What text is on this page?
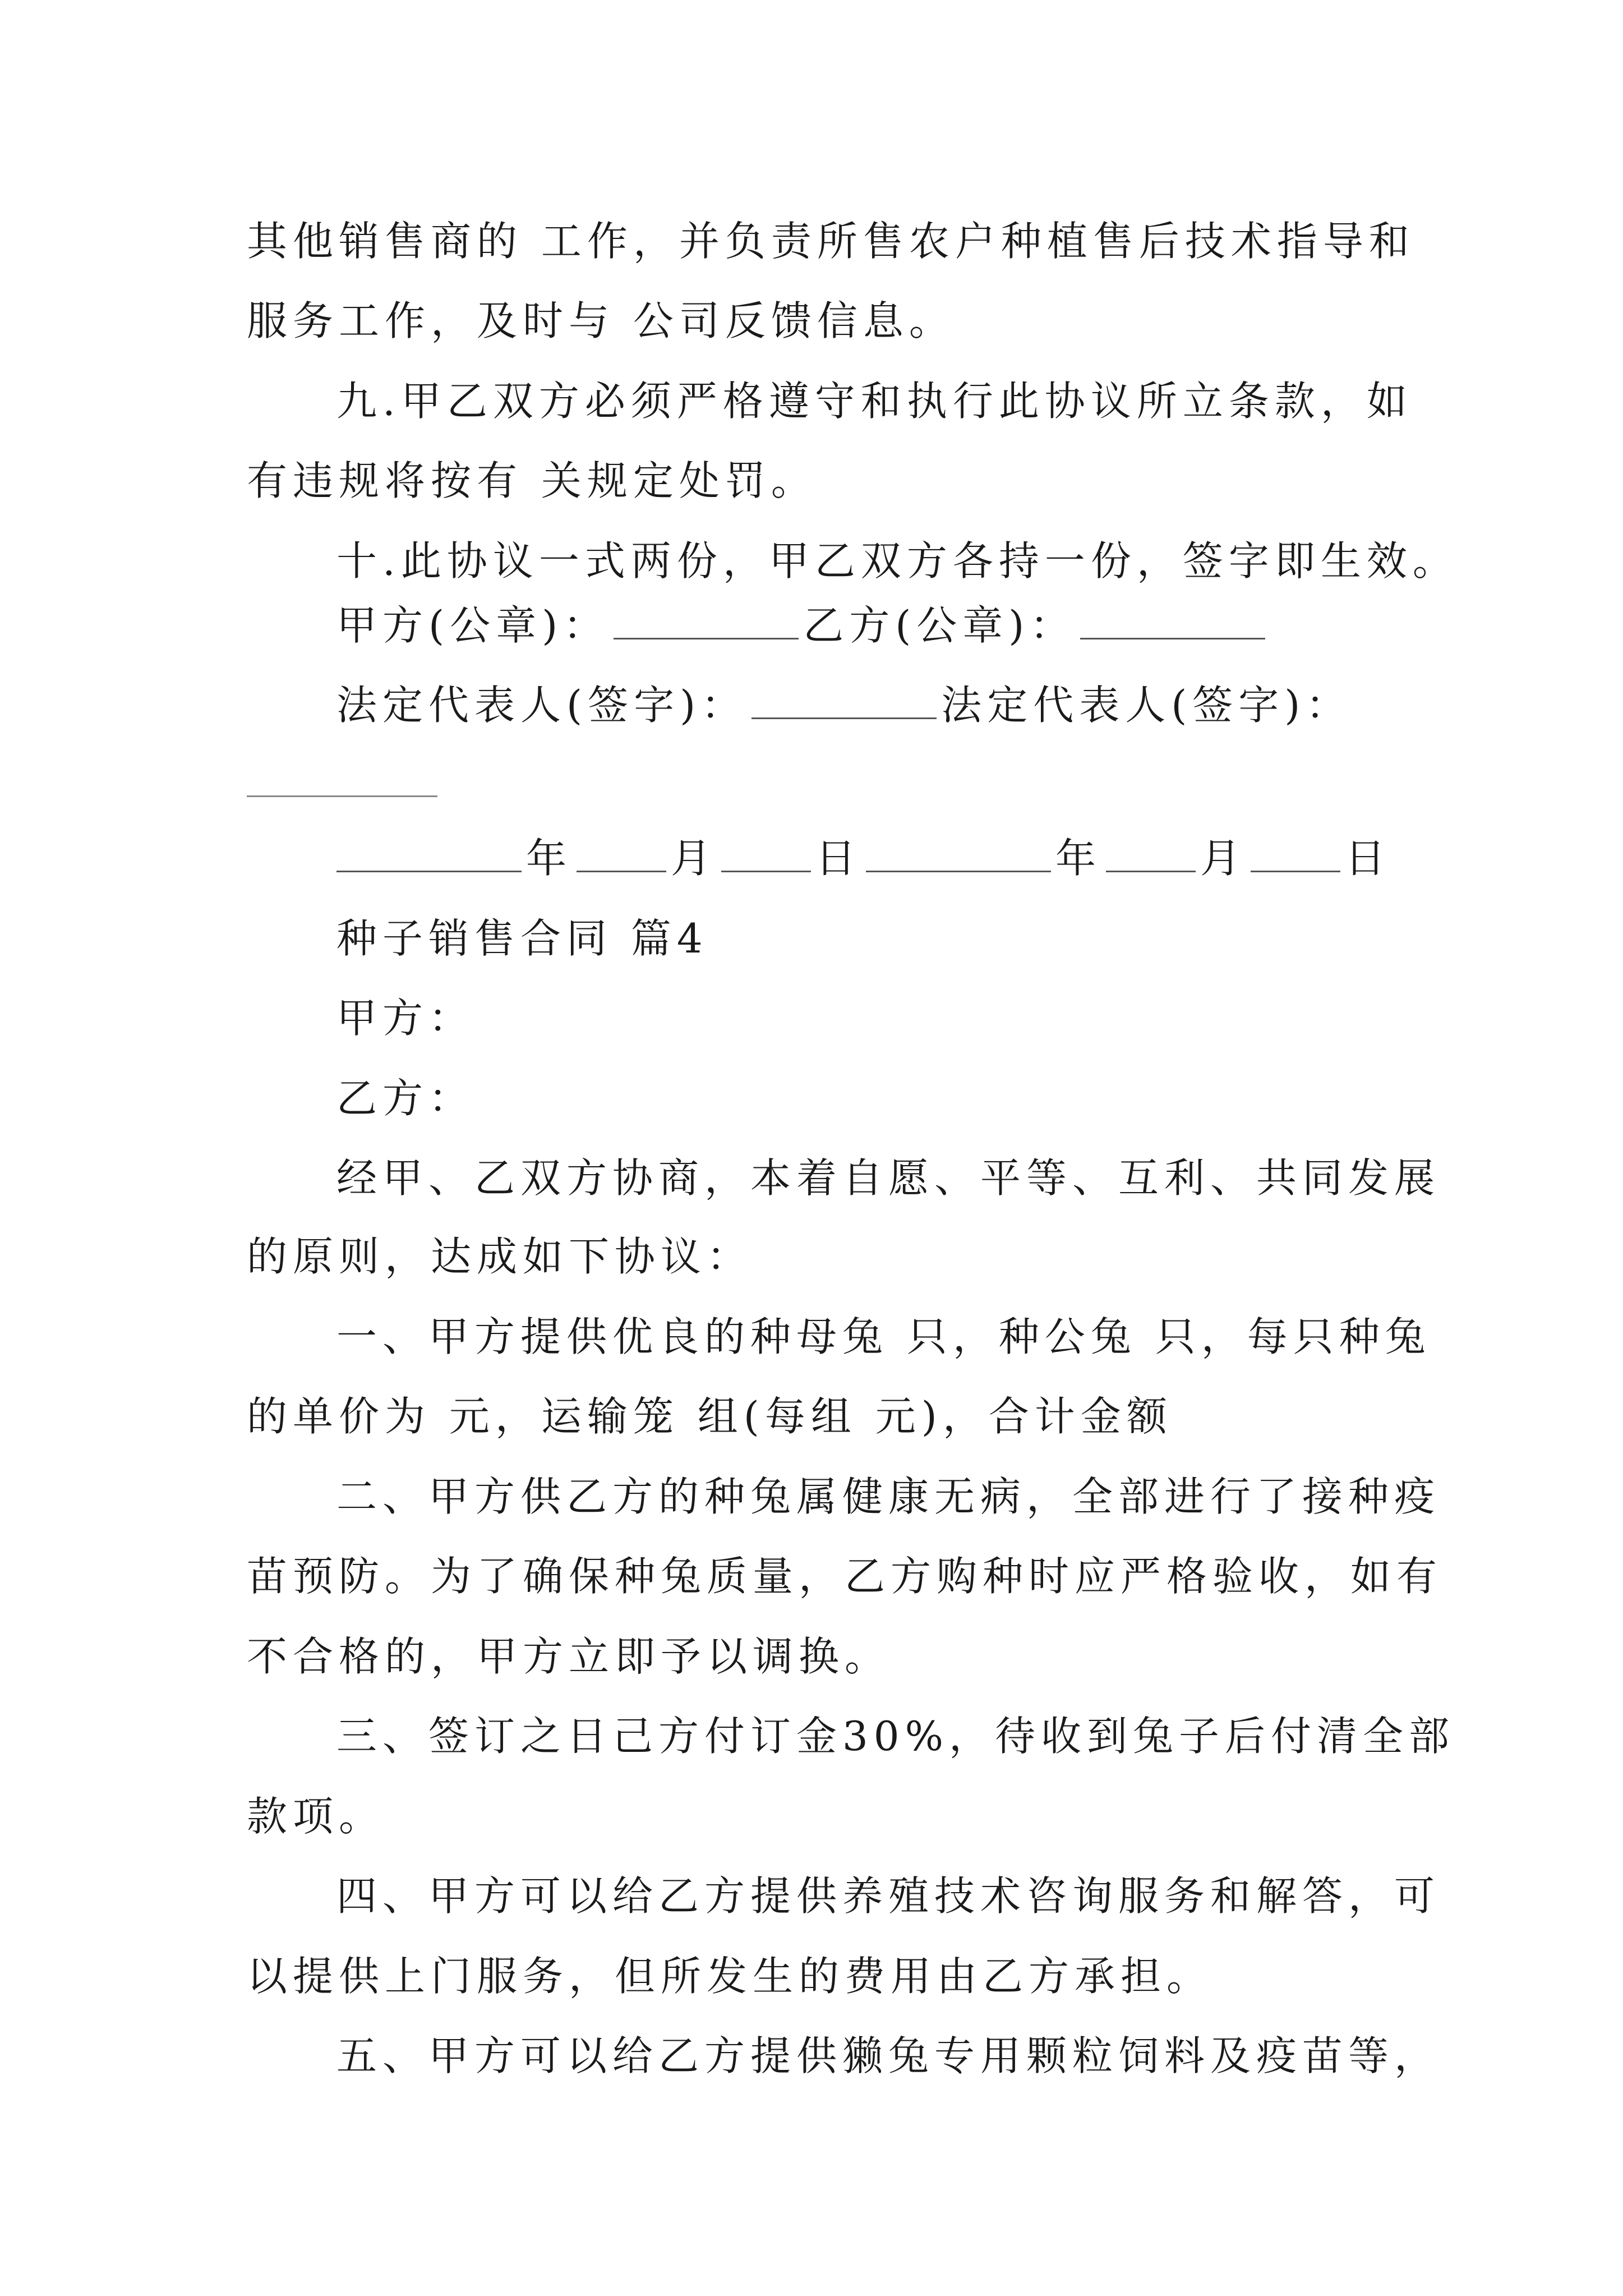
其他销售商的 工作，并负责所售农户种植售后技术指导和
服务工作，及时与 公司反馈信息。
九.甲乙双方必须严格遵守和执行此协议所立条款，如
有违规将按有 关规定处罚。
十.此协议一式两份，甲乙双方各持一份，签字即生效。
甲方(公章)：	乙方(公章)：
法定代表人(签字)：	法定代表人(签字)：
年 月 日	年 月 日
种子销售合同 篇4
甲方：
乙方：
经甲、乙双方协商，本着自愿、平等、互利、共同发展
的原则，达成如下协议：
一、甲方提供优良的种母兔 只，种公兔 只，每只种兔
的单价为 元，运输笼 组(每组 元)，合计金额
二、甲方供乙方的种兔属健康无病，全部进行了接种疫
苗预防。为了确保种兔质量，乙方购种时应严格验收，如有
不合格的，甲方立即予以调换。
三、签订之日己方付订金30%，待收到兔子后付清全部
款项。
四、甲方可以给乙方提供养殖技术咨询服务和解答，可
以提供上门服务，但所发生的费用由乙方承担。
五、甲方可以给乙方提供獭兔专用颗粒饲料及疫苗等，
